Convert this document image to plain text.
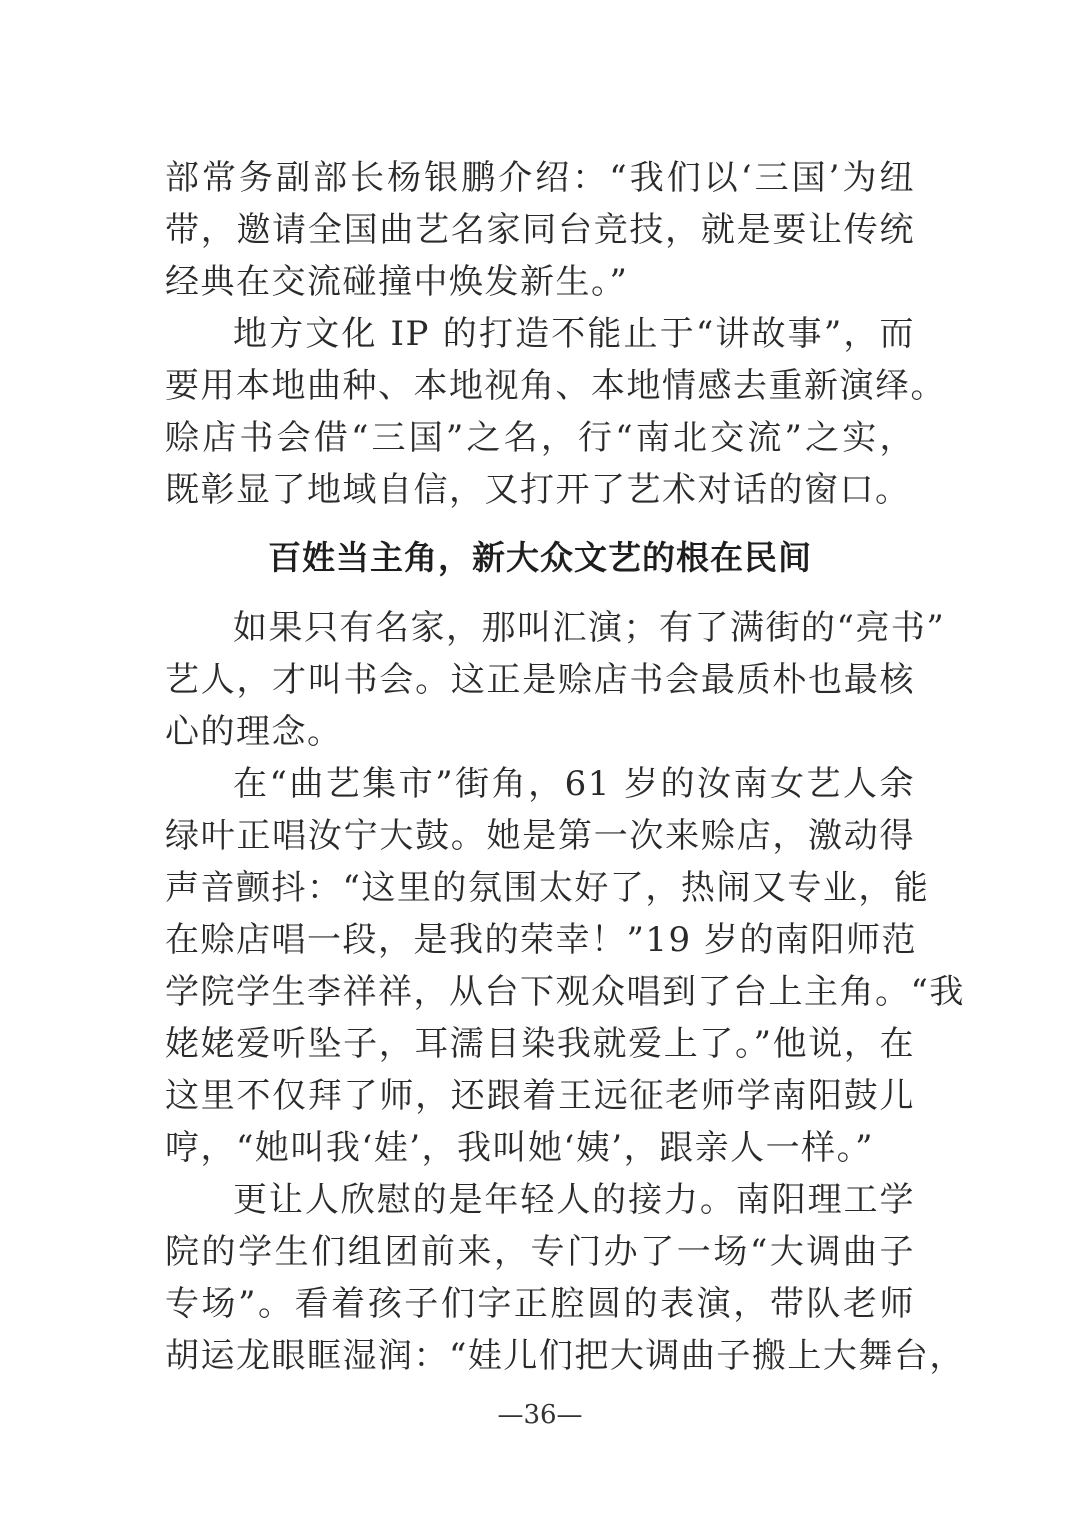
部常务副部长杨银鹏介绍：“我们以‘三国’为纽
带，邀请全国曲艺名家同台竞技，就是要让传统
经典在交流碰撞中焕发新生。”
地方文化 IP 的打造不能止于“讲故事”，而
要用本地曲种、本地视角、本地情感去重新演绎。
赊店书会借“三国”之名，行“南北交流”之实，
既彰显了地域自信，又打开了艺术对话的窗口。
百姓当主角，新大众文艺的根在民间
如果只有名家，那叫汇演；有了满街的“亮书”
艺人，才叫书会。这正是赊店书会最质朴也最核
心的理念。
在“曲艺集市”街角，61 岁的汝南女艺人余
绿叶正唱汝宁大鼓。她是第一次来赊店，激动得
声音颤抖：“这里的氛围太好了，热闹又专业，能
在赊店唱一段，是我的荣幸！”19 岁的南阳师范
学院学生李祥祥，从台下观众唱到了台上主角。“我
姥姥爱听坠子，耳濡目染我就爱上了。”他说，在
这里不仅拜了师，还跟着王远征老师学南阳鼓儿
哼，“她叫我‘娃’，我叫她‘姨’，跟亲人一样。”
更让人欣慰的是年轻人的接力。南阳理工学
院的学生们组团前来，专门办了一场“大调曲子
专场”。看着孩子们字正腔圆的表演，带队老师
胡运龙眼眶湿润：“娃儿们把大调曲子搬上大舞台，
—36—
